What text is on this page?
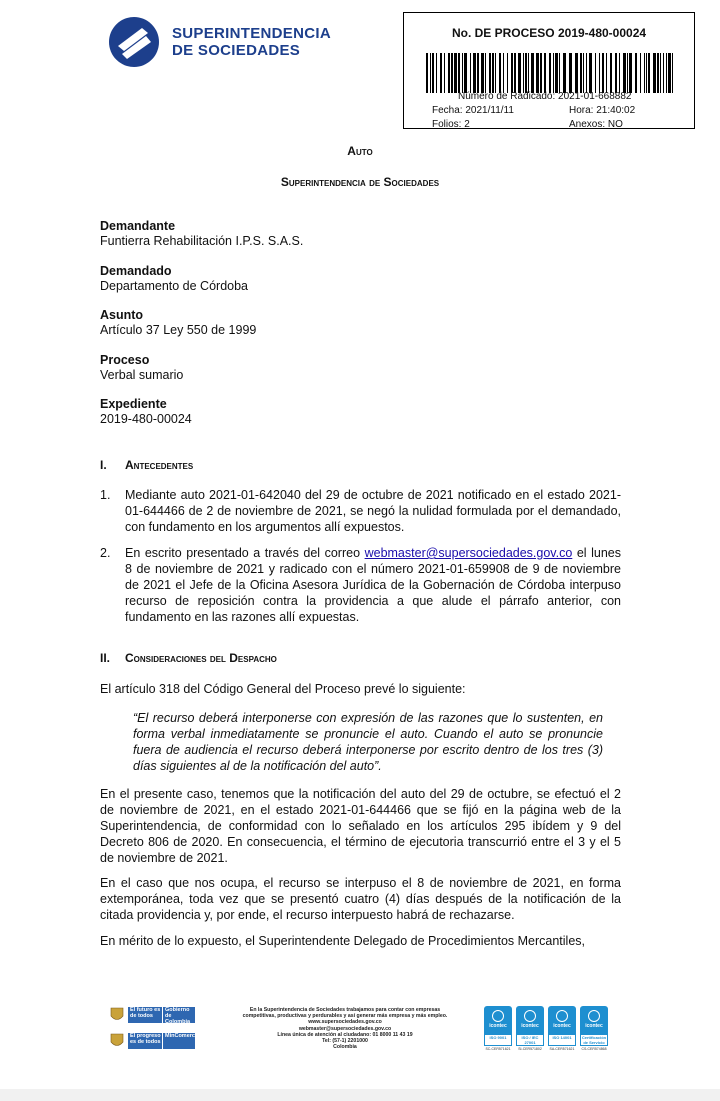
SUPERINTENDENCIA
DE SOCIEDADES
No. DE PROCESO 2019-480-00024
Número de Radicado: 2021-01-668882
Fecha: 2021/11/11	Hora: 21:40:02
Folios: 2	Anexos: NO
Auto
Superintendencia de Sociedades
Demandante
Funtierra Rehabilitación I.P.S. S.A.S.
Demandado
Departamento de Córdoba
Asunto
Artículo 37 Ley 550 de 1999
Proceso
Verbal sumario
Expediente
2019-480-00024
I. Antecedentes
1. Mediante auto 2021-01-642040 del 29 de octubre de 2021 notificado en el estado 2021-01-644466 de 2 de noviembre de 2021, se negó la nulidad formulada por el demandado, con fundamento en los argumentos allí expuestos.
2. En escrito presentado a través del correo webmaster@supersociedades.gov.co el lunes 8 de noviembre de 2021 y radicado con el número 2021-01-659908 de 9 de noviembre de 2021 el Jefe de la Oficina Asesora Jurídica de la Gobernación de Córdoba interpuso recurso de reposición contra la providencia a que alude el párrafo anterior, con fundamento en las razones allí expuestas.
II. Consideraciones del Despacho
El artículo 318 del Código General del Proceso prevé lo siguiente:
“El recurso deberá interponerse con expresión de las razones que lo sustenten, en forma verbal inmediatamente se pronuncie el auto. Cuando el auto se pronuncie fuera de audiencia el recurso deberá interponerse por escrito dentro de los tres (3) días siguientes al de la notificación del auto”.
En el presente caso, tenemos que la notificación del auto del 29 de octubre, se efectuó el 2 de noviembre de 2021, en el estado 2021-01-644466 que se fijó en la página web de la Superintendencia, de conformidad con lo señalado en los artículos 295 ibídem y 9 del Decreto 806 de 2020. En consecuencia, el término de ejecutoria transcurrió entre el 3 y el 5 de noviembre de 2021.
En el caso que nos ocupa, el recurso se interpuso el 8 de noviembre de 2021, en forma extemporánea, toda vez que se presentó cuatro (4) días después de la notificación de la citada providencia y, por ende, el recurso interpuesto habrá de rechazarse.
En mérito de lo expuesto, el Superintendente Delegado de Procedimientos Mercantiles,
El futuro es de todos
Gobierno de Colombia
El progreso es de todos
MinComercio
En la Superintendencia de Sociedades trabajamos para contar con empresas
competitivas, productivas y perdurables y así generar más empresa y más empleo.
www.supersociedades.gov.co
webmaster@supersociedades.gov.co
Línea única de atención al ciudadano: 01 8000 11 43 19
Tel: (57-1) 2201000
Colombia
icontec
ISO 9001
SC-CER571621
icontec
ISO / IEC 27001
SI-CER571802
icontec
ISO 14001
SA-CER571621
icontec
Certificación de Servicio
CS-CER574868
